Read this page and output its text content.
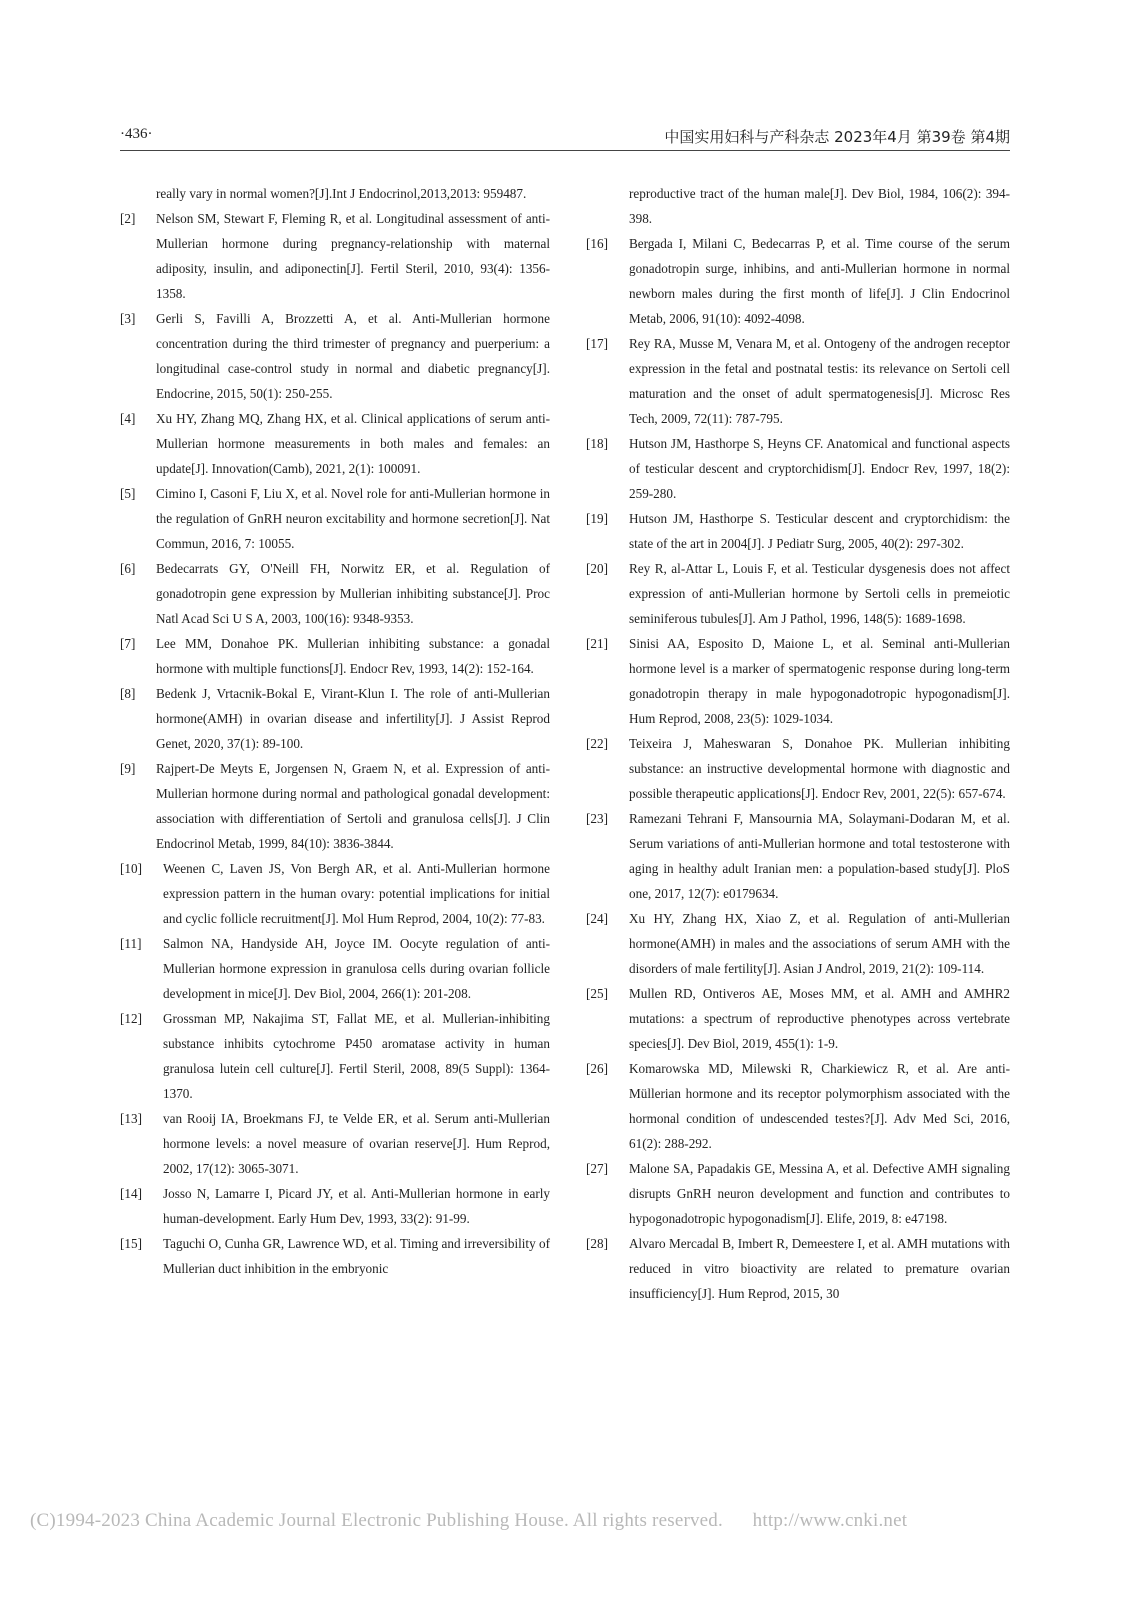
·436·	中国实用妇科与产科杂志 2023年4月 第39卷 第4期
really vary in normal women?[J].Int J Endocrinol,2013,2013: 959487.
[2]	Nelson SM, Stewart F, Fleming R, et al. Longitudinal assessment of anti-Mullerian hormone during pregnancy-relationship with maternal adiposity, insulin, and adiponectin[J]. Fertil Steril, 2010, 93(4): 1356-1358.
[3]	Gerli S, Favilli A, Brozzetti A, et al. Anti-Mullerian hormone concentration during the third trimester of pregnancy and puerperium: a longitudinal case-control study in normal and diabetic pregnancy[J]. Endocrine, 2015, 50(1): 250-255.
[4]	Xu HY, Zhang MQ, Zhang HX, et al. Clinical applications of serum anti-Mullerian hormone measurements in both males and females: an update[J]. Innovation(Camb), 2021, 2(1): 100091.
[5]	Cimino I, Casoni F, Liu X, et al. Novel role for anti-Mullerian hormone in the regulation of GnRH neuron excitability and hormone secretion[J]. Nat Commun, 2016, 7: 10055.
[6]	Bedecarrats GY, O'Neill FH, Norwitz ER, et al. Regulation of gonadotropin gene expression by Mullerian inhibiting substance[J]. Proc Natl Acad Sci U S A, 2003, 100(16): 9348-9353.
[7]	Lee MM, Donahoe PK. Mullerian inhibiting substance: a gonadal hormone with multiple functions[J]. Endocr Rev, 1993, 14(2): 152-164.
[8]	Bedenk J, Vrtacnik-Bokal E, Virant-Klun I. The role of anti-Mullerian hormone(AMH) in ovarian disease and infertility[J]. J Assist Reprod Genet, 2020, 37(1): 89-100.
[9]	Rajpert-De Meyts E, Jorgensen N, Graem N, et al. Expression of anti-Mullerian hormone during normal and pathological gonadal development: association with differentiation of Sertoli and granulosa cells[J]. J Clin Endocrinol Metab, 1999, 84(10): 3836-3844.
[10]	Weenen C, Laven JS, Von Bergh AR, et al. Anti-Mullerian hormone expression pattern in the human ovary: potential implications for initial and cyclic follicle recruitment[J]. Mol Hum Reprod, 2004, 10(2): 77-83.
[11]	Salmon NA, Handyside AH, Joyce IM. Oocyte regulation of anti-Mullerian hormone expression in granulosa cells during ovarian follicle development in mice[J]. Dev Biol, 2004, 266(1): 201-208.
[12]	Grossman MP, Nakajima ST, Fallat ME, et al. Mullerian-inhibiting substance inhibits cytochrome P450 aromatase activity in human granulosa lutein cell culture[J]. Fertil Steril, 2008, 89(5 Suppl): 1364-1370.
[13]	van Rooij IA, Broekmans FJ, te Velde ER, et al. Serum anti-Mullerian hormone levels: a novel measure of ovarian reserve[J]. Hum Reprod, 2002, 17(12): 3065-3071.
[14]	Josso N, Lamarre I, Picard JY, et al. Anti-Mullerian hormone in early human-development. Early Hum Dev, 1993, 33(2): 91-99.
[15]	Taguchi O, Cunha GR, Lawrence WD, et al. Timing and irreversibility of Mullerian duct inhibition in the embryonic
reproductive tract of the human male[J]. Dev Biol, 1984, 106(2): 394-398.
[16]	Bergada I, Milani C, Bedecarras P, et al. Time course of the serum gonadotropin surge, inhibins, and anti-Mullerian hormone in normal newborn males during the first month of life[J]. J Clin Endocrinol Metab, 2006, 91(10): 4092-4098.
[17]	Rey RA, Musse M, Venara M, et al. Ontogeny of the androgen receptor expression in the fetal and postnatal testis: its relevance on Sertoli cell maturation and the onset of adult spermatogenesis[J]. Microsc Res Tech, 2009, 72(11): 787-795.
[18]	Hutson JM, Hasthorpe S, Heyns CF. Anatomical and functional aspects of testicular descent and cryptorchidism[J]. Endocr Rev, 1997, 18(2): 259-280.
[19]	Hutson JM, Hasthorpe S. Testicular descent and cryptorchidism: the state of the art in 2004[J]. J Pediatr Surg, 2005, 40(2): 297-302.
[20]	Rey R, al-Attar L, Louis F, et al. Testicular dysgenesis does not affect expression of anti-Mullerian hormone by Sertoli cells in premeiotic seminiferous tubules[J]. Am J Pathol, 1996, 148(5): 1689-1698.
[21]	Sinisi AA, Esposito D, Maione L, et al. Seminal anti-Mullerian hormone level is a marker of spermatogenic response during long-term gonadotropin therapy in male hypogonadotropic hypogonadism[J]. Hum Reprod, 2008, 23(5): 1029-1034.
[22]	Teixeira J, Maheswaran S, Donahoe PK. Mullerian inhibiting substance: an instructive developmental hormone with diagnostic and possible therapeutic applications[J]. Endocr Rev, 2001, 22(5): 657-674.
[23]	Ramezani Tehrani F, Mansournia MA, Solaymani-Dodaran M, et al. Serum variations of anti-Mullerian hormone and total testosterone with aging in healthy adult Iranian men: a population-based study[J]. PloS one, 2017, 12(7): e0179634.
[24]	Xu HY, Zhang HX, Xiao Z, et al. Regulation of anti-Mullerian hormone(AMH) in males and the associations of serum AMH with the disorders of male fertility[J]. Asian J Androl, 2019, 21(2): 109-114.
[25]	Mullen RD, Ontiveros AE, Moses MM, et al. AMH and AMHR2 mutations: a spectrum of reproductive phenotypes across vertebrate species[J]. Dev Biol, 2019, 455(1): 1-9.
[26]	Komarowska MD, Milewski R, Charkiewicz R, et al. Are anti-Müllerian hormone and its receptor polymorphism associated with the hormonal condition of undescended testes?[J]. Adv Med Sci, 2016, 61(2): 288-292.
[27]	Malone SA, Papadakis GE, Messina A, et al. Defective AMH signaling disrupts GnRH neuron development and function and contributes to hypogonadotropic hypogonadism[J]. Elife, 2019, 8: e47198.
[28]	Alvaro Mercadal B, Imbert R, Demeestere I, et al. AMH mutations with reduced in vitro bioactivity are related to premature ovarian insufficiency[J]. Hum Reprod, 2015, 30
(C)1994-2023 China Academic Journal Electronic Publishing House. All rights reserved. http://www.cnki.net
